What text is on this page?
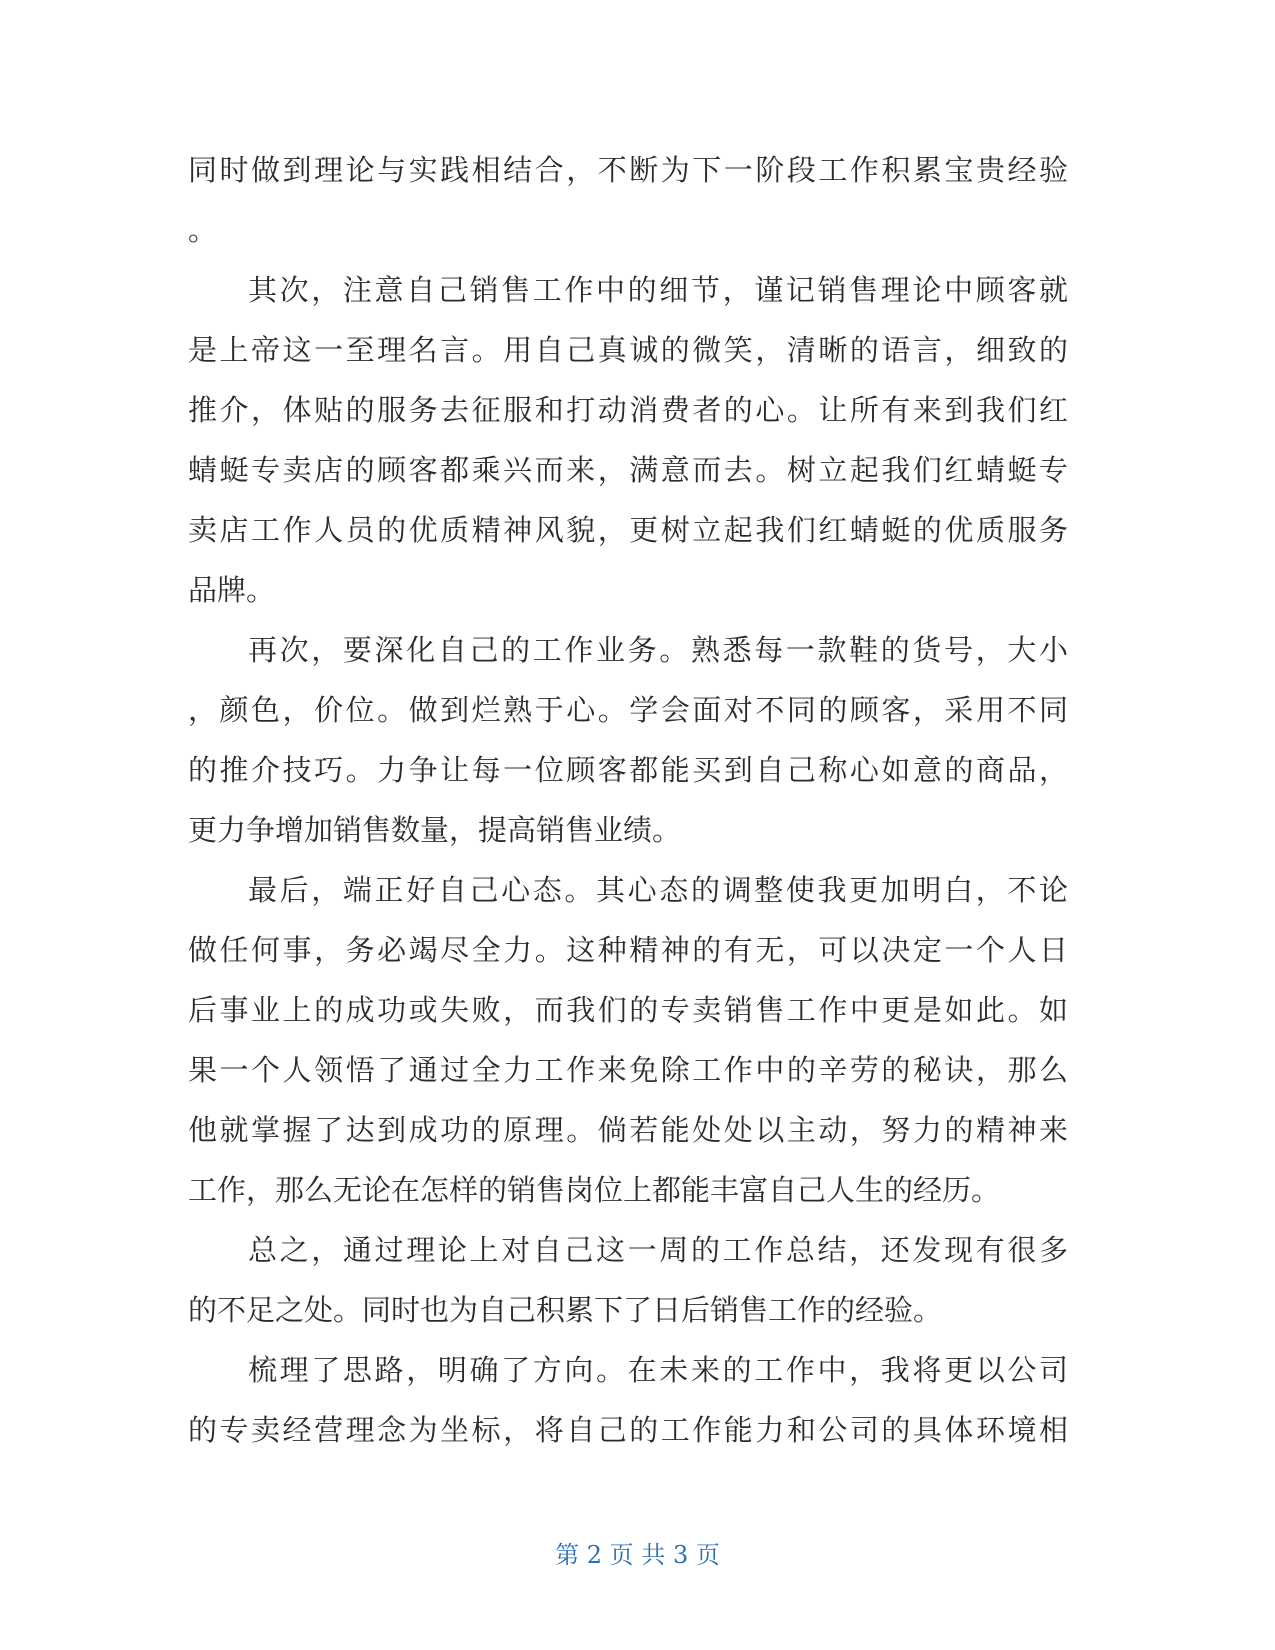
同时做到理论与实践相结合，不断为下一阶段工作积累宝贵经验
。
其次，注意自己销售工作中的细节，谨记销售理论中顾客就
是上帝这一至理名言。用自己真诚的微笑，清晰的语言，细致的
推介，体贴的服务去征服和打动消费者的心。让所有来到我们红
蜻蜓专卖店的顾客都乘兴而来，满意而去。树立起我们红蜻蜓专
卖店工作人员的优质精神风貌，更树立起我们红蜻蜓的优质服务
品牌。
再次，要深化自己的工作业务。熟悉每一款鞋的货号，大小
，颜色，价位。做到烂熟于心。学会面对不同的顾客，采用不同
的推介技巧。力争让每一位顾客都能买到自己称心如意的商品，
更力争增加销售数量，提高销售业绩。
最后，端正好自己心态。其心态的调整使我更加明白，不论
做任何事，务必竭尽全力。这种精神的有无，可以决定一个人日
后事业上的成功或失败，而我们的专卖销售工作中更是如此。如
果一个人领悟了通过全力工作来免除工作中的辛劳的秘诀，那么
他就掌握了达到成功的原理。倘若能处处以主动，努力的精神来
工作，那么无论在怎样的销售岗位上都能丰富自己人生的经历。
总之，通过理论上对自己这一周的工作总结，还发现有很多
的不足之处。同时也为自己积累下了日后销售工作的经验。
梳理了思路，明确了方向。在未来的工作中，我将更以公司
的专卖经营理念为坐标，将自己的工作能力和公司的具体环境相
第 2 页 共 3 页
